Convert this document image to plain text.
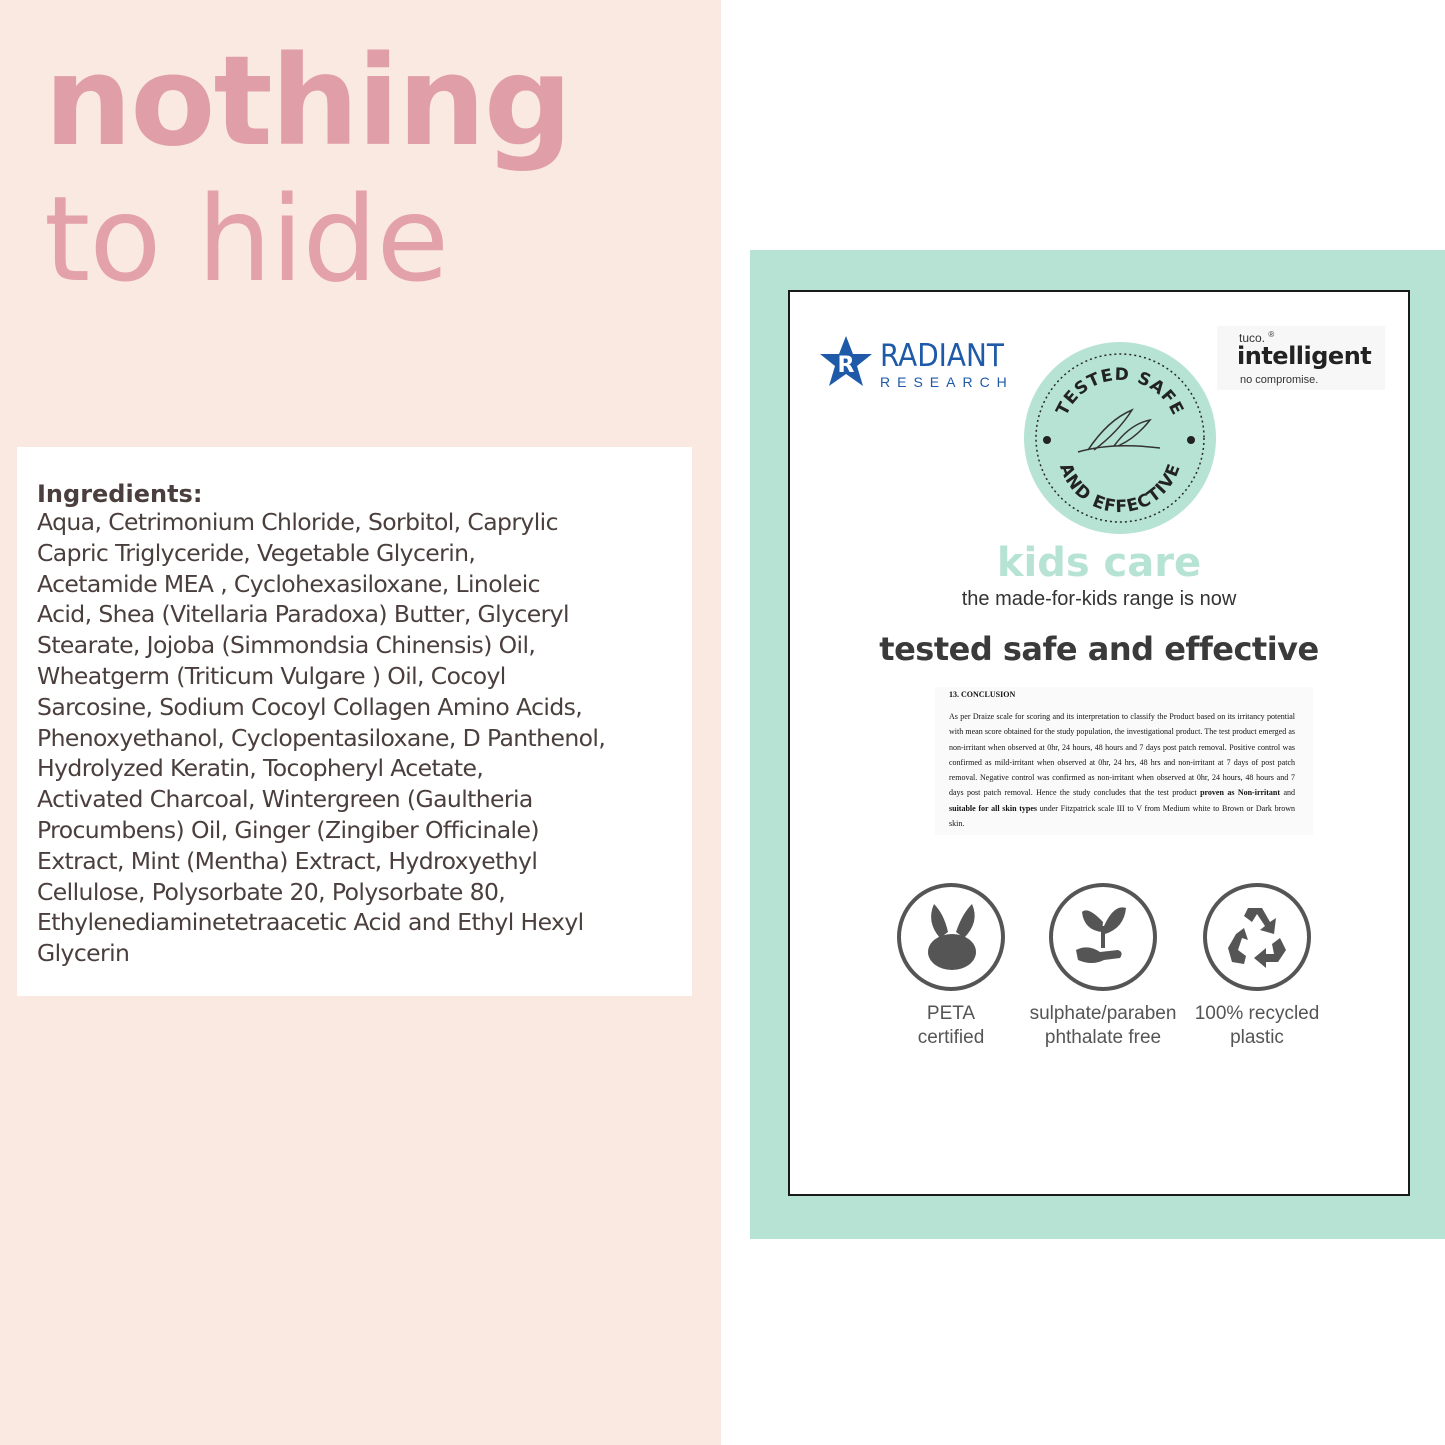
nothing
to hide
Ingredients:

Aqua, Cetrimonium Chloride, Sorbitol, Caprylic
Capric Triglyceride, Vegetable Glycerin,
Acetamide MEA , Cyclohexasiloxane, Linoleic
Acid, Shea (Vitellaria Paradoxa) Butter, Glyceryl
Stearate, Jojoba (Simmondsia Chinensis) Oil,
Wheatgerm (Triticum Vulgare ) Oil, Cocoyl
Sarcosine, Sodium Cocoyl Collagen Amino Acids,
Phenoxyethanol, Cyclopentasiloxane, D Panthenol,
Hydrolyzed Keratin, Tocopheryl Acetate,
Activated Charcoal, Wintergreen (Gaultheria
Procumbens) Oil, Ginger (Zingiber Officinale)
Extract, Mint (Mentha) Extract, Hydroxyethyl
Cellulose, Polysorbate 20, Polysorbate 80,
Ethylenediaminetetraacetic Acid and Ethyl Hexyl
Glycerin

R RADIANT
RESEARCH
TESTED SAFE
AND EFFECTIVE
tuco. ®
intelligent
no compromise.
kids care
the made-for-kids range is now
tested safe and effective
13. CONCLUSION

As per Draize scale for scoring and its interpretation to classify the Product based on its irritancy potential with mean score obtained for the study population, the investigational product. The test product emerged as non-irritant when observed at 0hr, 24 hours, 48 hours and 7 days post patch removal. Positive control was confirmed as mild-irritant when observed at 0hr, 24 hrs, 48 hrs and non-irritant at 7 days of post patch removal. Negative control was confirmed as non-irritant when observed at 0hr, 24 hours, 48 hours and 7 days post patch removal. Hence the study concludes that the test product proven as Non-irritant and suitable for all skin types under Fitzpatrick scale III to V from Medium white to Brown or Dark brown skin.

PETA
certified
sulphate/paraben
phthalate free
100% recycled
plastic
